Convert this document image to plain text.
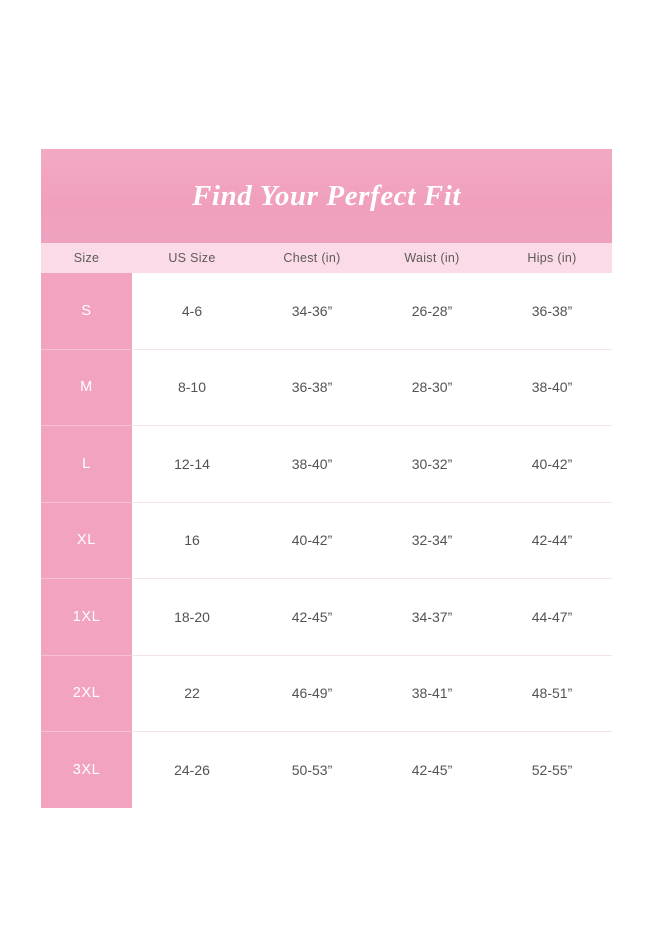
Find Your Perfect Fit
Size	US Size	Chest (in)	Waist (in)	Hips (in)
S	4-6	34-36”	26-28”	36-38”
M	8-10	36-38”	28-30”	38-40”
L	12-14	38-40”	30-32”	40-42”
XL	16	40-42”	32-34”	42-44”
1XL	18-20	42-45”	34-37”	44-47”
2XL	22	46-49”	38-41”	48-51”
3XL	24-26	50-53”	42-45”	52-55”
